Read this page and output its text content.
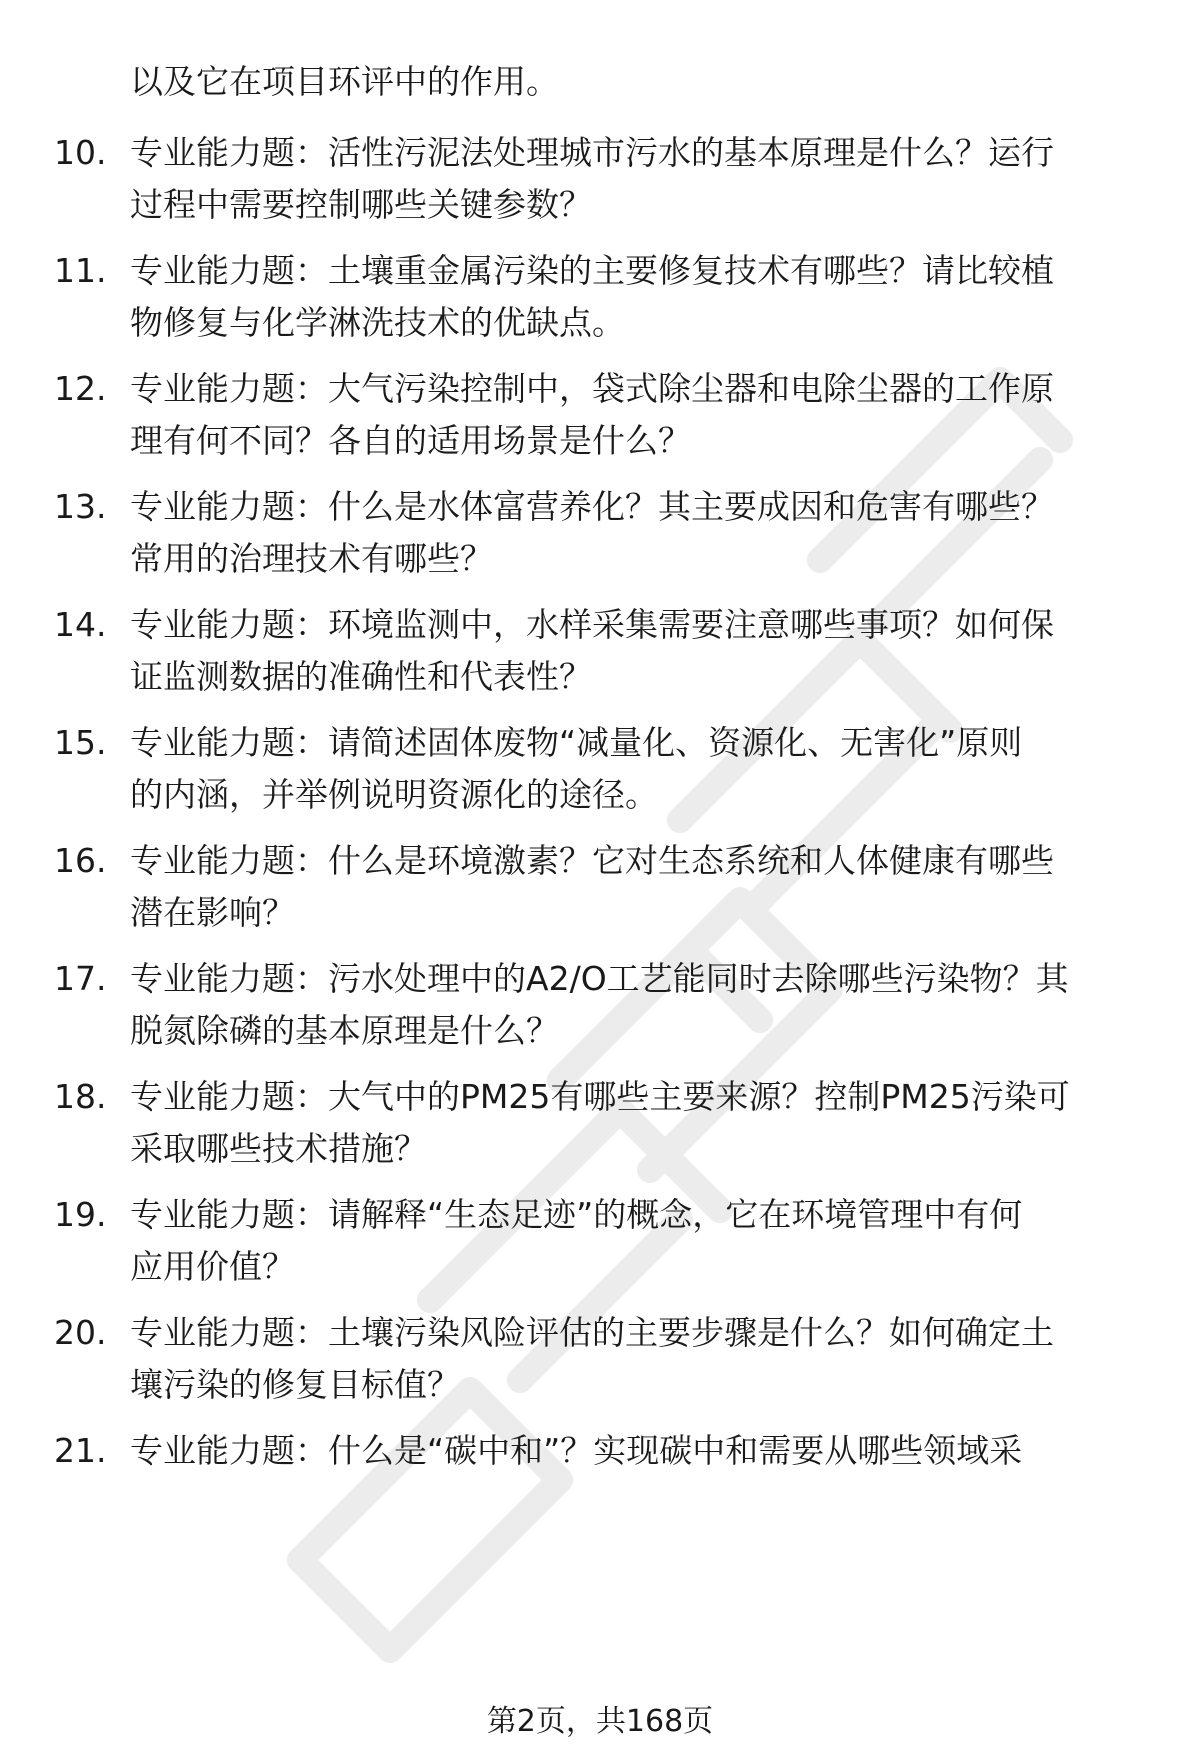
以及它在项目环评中的作用。
10. 专业能力题：活性污泥法处理城市污水的基本原理是什么？运行
过程中需要控制哪些关键参数？
11. 专业能力题：土壤重金属污染的主要修复技术有哪些？请比较植
物修复与化学淋洗技术的优缺点。
12. 专业能力题：大气污染控制中，袋式除尘器和电除尘器的工作原
理有何不同？各自的适用场景是什么？
13. 专业能力题：什么是水体富营养化？其主要成因和危害有哪些？
常用的治理技术有哪些？
14. 专业能力题：环境监测中，水样采集需要注意哪些事项？如何保
证监测数据的准确性和代表性？
15. 专业能力题：请简述固体废物“减量化、资源化、无害化”原则
的内涵，并举例说明资源化的途径。
16. 专业能力题：什么是环境激素？它对生态系统和人体健康有哪些
潜在影响？
17. 专业能力题：污水处理中的A2/O工艺能同时去除哪些污染物？其
脱氮除磷的基本原理是什么？
18. 专业能力题：大气中的PM25有哪些主要来源？控制PM25污染可
采取哪些技术措施？
19. 专业能力题：请解释“生态足迹”的概念，它在环境管理中有何
应用价值？
20. 专业能力题：土壤污染风险评估的主要步骤是什么？如何确定土
壤污染的修复目标值？
21. 专业能力题：什么是“碳中和”？实现碳中和需要从哪些领域采
第2页，共168页
